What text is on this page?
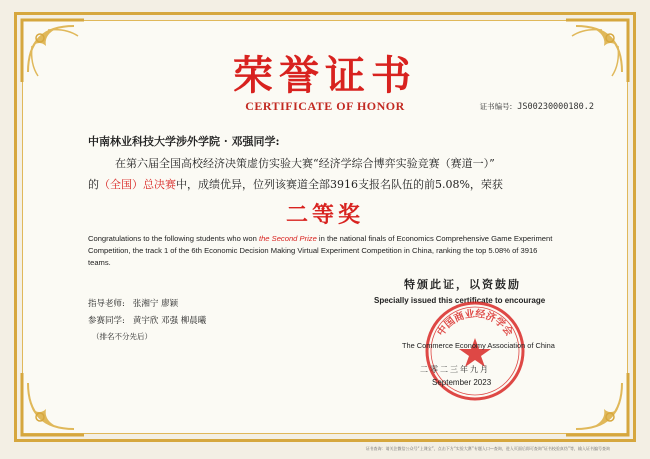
荣誉证书
CERTIFICATE OF HONOR	证书编号: JS00230000180.2
中南林业科技大学涉外学院 · 邓强同学:
在第六届全国高校经济决策虚仿实验大赛“经济学综合博弈实验竞赛（赛道一）”
的（全国）总决赛中，成绩优异，位列该赛道全部3916支报名队伍的前5.08%，荣获
二等奖
Congratulations to the following students who won the Second Prize in the national finals of Economics Comprehensive Game Experiment Competition, the track 1 of the 6th Economic Decision Making Virtual Experiment Competition in China, ranking the top 5.08% of 3916 teams.
特颁此证，以资鼓励
Specially issued this certificate to encourage
指导老师: 张湘宁 廖颖
参赛同学: 黄宇欣 邓强 柳晨曦
（排名不分先后）	中国商业经济学会
The Commerce Economy Association of China
二零二三年九月
September 2023
证书查询：请关注微信公众号“上课宝”，点击下方“实验大赛”专题入口—查询，进入页面后即可查询“证书校验真伪”等，输入证书编号查询
